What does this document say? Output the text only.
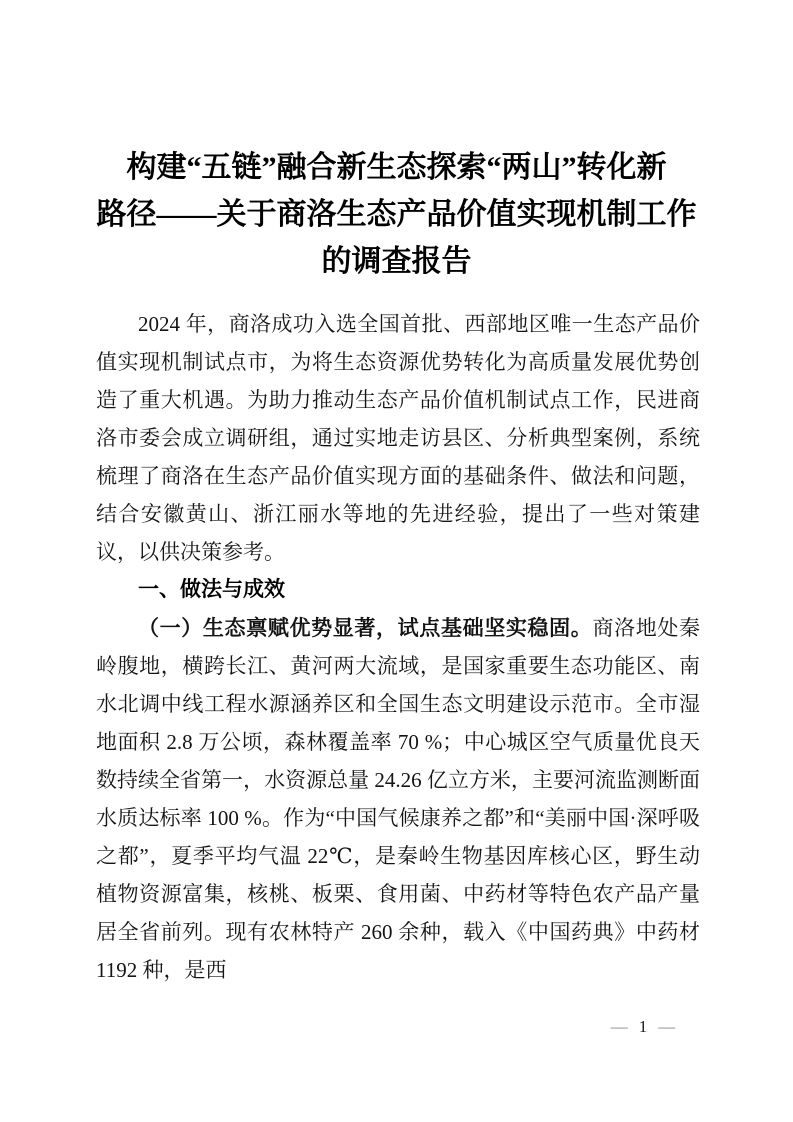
构建“五链”融合新生态探索“两山”转化新
路径——关于商洛生态产品价值实现机制工作
的调查报告

2024 年，商洛成功入选全国首批、西部地区唯一生态产品价值实现机制试点市，为将生态资源优势转化为高质量发展优势创造了重大机遇。为助力推动生态产品价值机制试点工作，民进商洛市委会成立调研组，通过实地走访县区、分析典型案例，系统梳理了商洛在生态产品价值实现方面的基础条件、做法和问题，结合安徽黄山、浙江丽水等地的先进经验，提出了一些对策建议，以供决策参考。

一、做法与成效

（一）生态禀赋优势显著，试点基础坚实稳固。商洛地处秦岭腹地，横跨长江、黄河两大流域，是国家重要生态功能区、南水北调中线工程水源涵养区和全国生态文明建设示范市。全市湿地面积 2.8 万公顷，森林覆盖率 70 %；中心城区空气质量优良天数持续全省第一，水资源总量 24.26 亿立方米，主要河流监测断面水质达标率 100 %。作为“中国气候康养之都”和“美丽中国·深呼吸之都”，夏季平均气温 22℃，是秦岭生物基因库核心区，野生动植物资源富集，核桃、板栗、食用菌、中药材等特色农产品产量居全省前列。现有农林特产 260 余种，载入《中国药典》中药材 1192 种，是西

— 1 —
